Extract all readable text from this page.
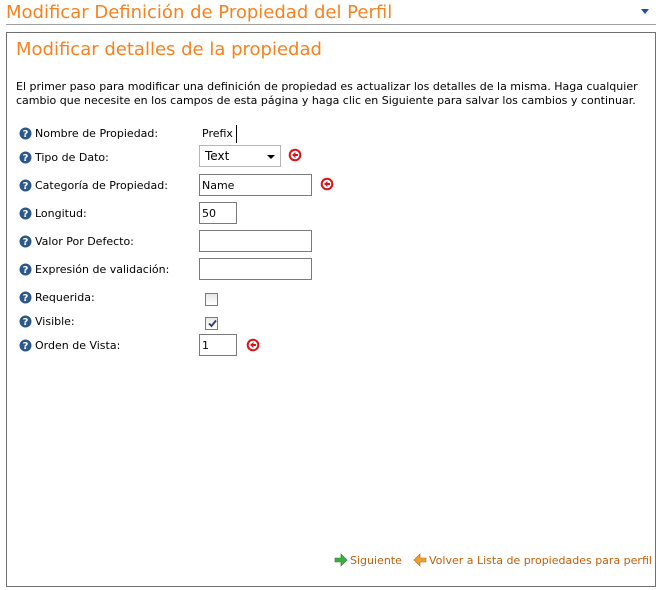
Modificar Definición de Propiedad del Perfil
Modificar detalles de la propiedad
El primer paso para modificar una definición de propiedad es actualizar los detalles de la misma. Haga cualquier cambio que necesite en los campos de esta página y haga clic en Siguiente para salvar los cambios y continuar.
? Nombre de Propiedad:	Prefix
? Tipo de Dato:	Text
? Categoría de Propiedad:
Name
? Longitud:
50
? Valor Por Defecto:
? Expresión de validación:
? Requerida:
? Visible:
? Orden de Vista:
1
Siguiente Volver a Lista de propiedades para perfil
